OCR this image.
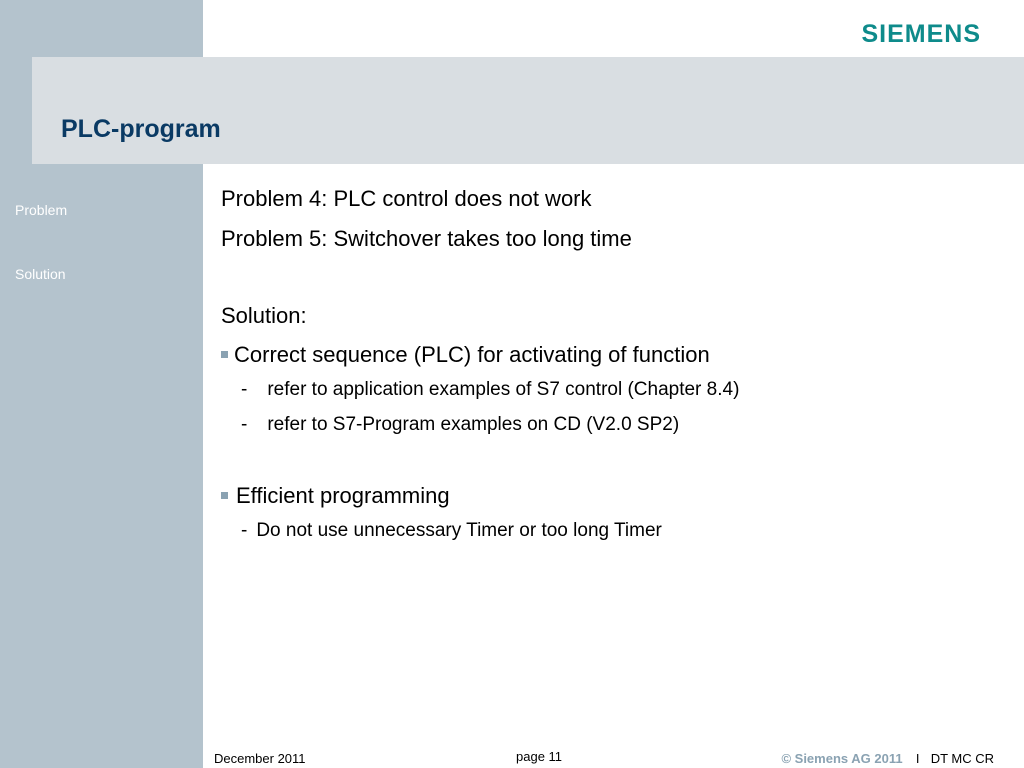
Problem
Solution
SIEMENS
PLC-program
Problem 4: PLC control does not work
Problem 5: Switchover takes too long time
Solution:
Correct sequence (PLC) for activating of function
- refer to application examples of S7 control (Chapter 8.4)
- refer to S7-Program examples on CD (V2.0 SP2)
Efficient programming
- Do not use unnecessary Timer or too long Timer
December 2011	page 11	© Siemens AG 2011 I DT MC CR
